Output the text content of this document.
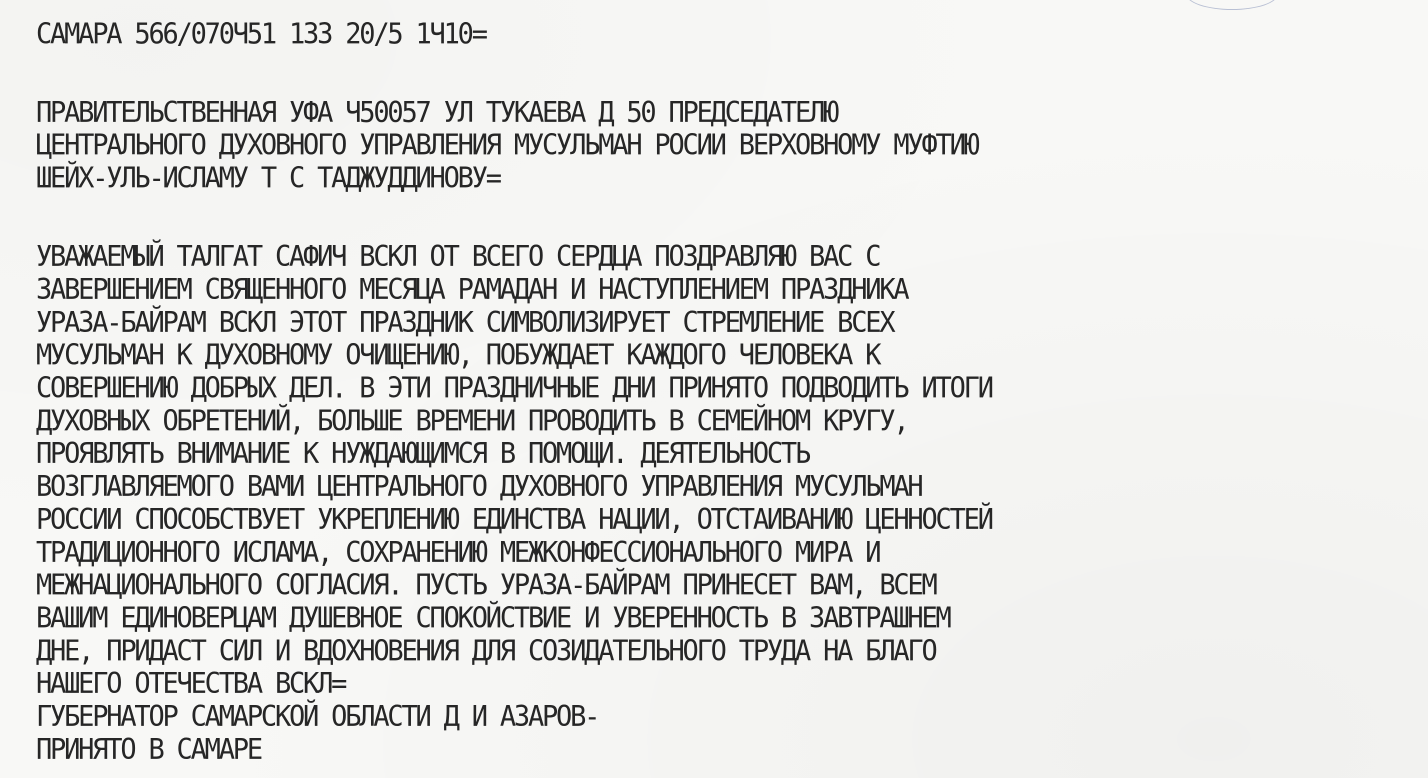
САМАРА 566/070Ч51 133 20/5 1Ч10=
ПРАВИТЕЛЬСТВЕННАЯ УФА Ч50057 УЛ ТУКАЕВА Д 50 ПРЕДСЕДАТЕЛЮ
ЦЕНТРАЛЬНОГО ДУХОВНОГО УПРАВЛЕНИЯ МУСУЛЬМАН РОСИИ ВЕРХОВНОМУ МУФТИЮ
ШЕЙХ-УЛЬ-ИСЛАМУ Т С ТАДЖУДДИНОВУ=
УВАЖАЕМЫЙ ТАЛГАТ САФИЧ ВСКЛ ОТ ВСЕГО СЕРДЦА ПОЗДРАВЛЯЮ ВАС С
ЗАВЕРШЕНИЕМ СВЯЩЕННОГО МЕСЯЦА РАМАДАН И НАСТУПЛЕНИЕМ ПРАЗДНИКА
УРАЗА-БАЙРАМ ВСКЛ ЭТОТ ПРАЗДНИК СИМВОЛИЗИРУЕТ СТРЕМЛЕНИЕ ВСЕХ
МУСУЛЬМАН К ДУХОВНОМУ ОЧИЩЕНИЮ, ПОБУЖДАЕТ КАЖДОГО ЧЕЛОВЕКА К
СОВЕРШЕНИЮ ДОБРЫХ ДЕЛ. В ЭТИ ПРАЗДНИЧНЫЕ ДНИ ПРИНЯТО ПОДВОДИТЬ ИТОГИ
ДУХОВНЫХ ОБРЕТЕНИЙ, БОЛЬШЕ ВРЕМЕНИ ПРОВОДИТЬ В СЕМЕЙНОМ КРУГУ,
ПРОЯВЛЯТЬ ВНИМАНИЕ К НУЖДАЮЩИМСЯ В ПОМОЩИ. ДЕЯТЕЛЬНОСТЬ
ВОЗГЛАВЛЯЕМОГО ВАМИ ЦЕНТРАЛЬНОГО ДУХОВНОГО УПРАВЛЕНИЯ МУСУЛЬМАН
РОССИИ СПОСОБСТВУЕТ УКРЕПЛЕНИЮ ЕДИНСТВА НАЦИИ, ОТСТАИВАНИЮ ЦЕННОСТЕЙ
ТРАДИЦИОННОГО ИСЛАМА, СОХРАНЕНИЮ МЕЖКОНФЕССИОНАЛЬНОГО МИРА И
МЕЖНАЦИОНАЛЬНОГО СОГЛАСИЯ. ПУСТЬ УРАЗА-БАЙРАМ ПРИНЕСЕТ ВАМ, ВСЕМ
ВАШИМ ЕДИНОВЕРЦАМ ДУШЕВНОЕ СПОКОЙСТВИЕ И УВЕРЕННОСТЬ В ЗАВТРАШНЕМ
ДНЕ, ПРИДАСТ СИЛ И ВДОХНОВЕНИЯ ДЛЯ СОЗИДАТЕЛЬНОГО ТРУДА НА БЛАГО
НАШЕГО ОТЕЧЕСТВА ВСКЛ=
ГУБЕРНАТОР САМАРСКОЙ ОБЛАСТИ Д И АЗАРОВ-
ПРИНЯТО В САМАРЕ
